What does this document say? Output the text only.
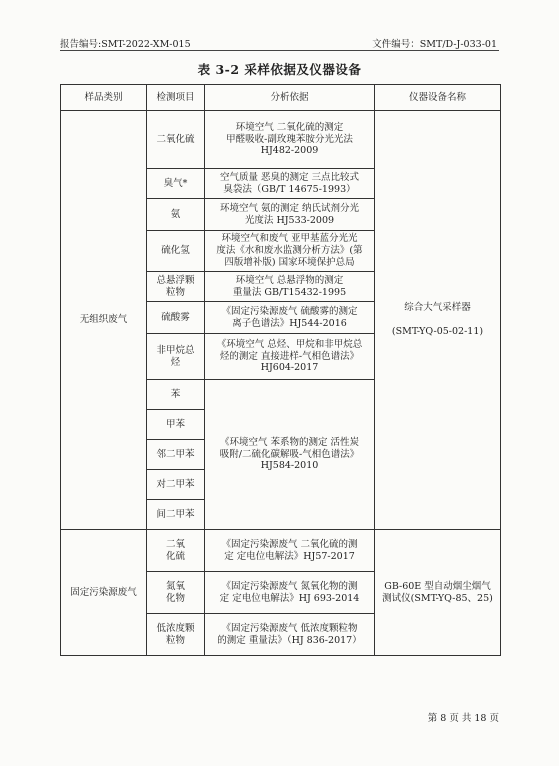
报告编号:SMT-2022-XM-015	文件编号：SMT/D-J-033-01
表 3-2 采样依据及仪器设备
样品类别	检测项目	分析依据	仪器设备名称
无组织废气	二氧化硫	环境空气 二氧化硫的测定
甲醛吸收-副玫瑰苯胺分光光法
HJ482-2009	综合大气采样器

(SMT-YQ-05-02-11)
	臭气*	空气质量 恶臭的测定 三点比较式
臭袋法（GB/T 14675-1993）	
	氨	环境空气 氨的测定 纳氏试剂分光
光度法 HJ533-2009	
	硫化氢	环境空气和废气 亚甲基蓝分光光
度法《水和废水监测分析方法》(第
四版增补版) 国家环境保护总局	
	总悬浮颗
粒物	环境空气 总悬浮物的测定
重量法 GB/T15432-1995	
	硫酸雾	《固定污染源废气 硫酸雾的测定
离子色谱法》HJ544-2016	
	非甲烷总
烃	《环境空气 总烃、甲烷和非甲烷总
烃的测定 直接进样-气相色谱法》
HJ604-2017	
	苯	《环境空气 苯系物的测定 活性炭
吸附/二硫化碳解吸-气相色谱法》
HJ584-2010	
	甲苯		
	邻二甲苯		
	对二甲苯		
	间二甲苯		
固定污染源废气	二氧
化硫	《固定污染源废气 二氧化硫的测
定 定电位电解法》HJ57-2017	GB-60E 型自动烟尘烟气
测试仪(SMT-YQ-85、25)
	氮氧
化物	《固定污染源废气 氮氧化物的测
定 定电位电解法》HJ 693-2014	
	低浓度颗
粒物	《固定污染源废气 低浓度颗粒物
的测定 重量法》（HJ 836-2017）	
第 8 页 共 18 页
